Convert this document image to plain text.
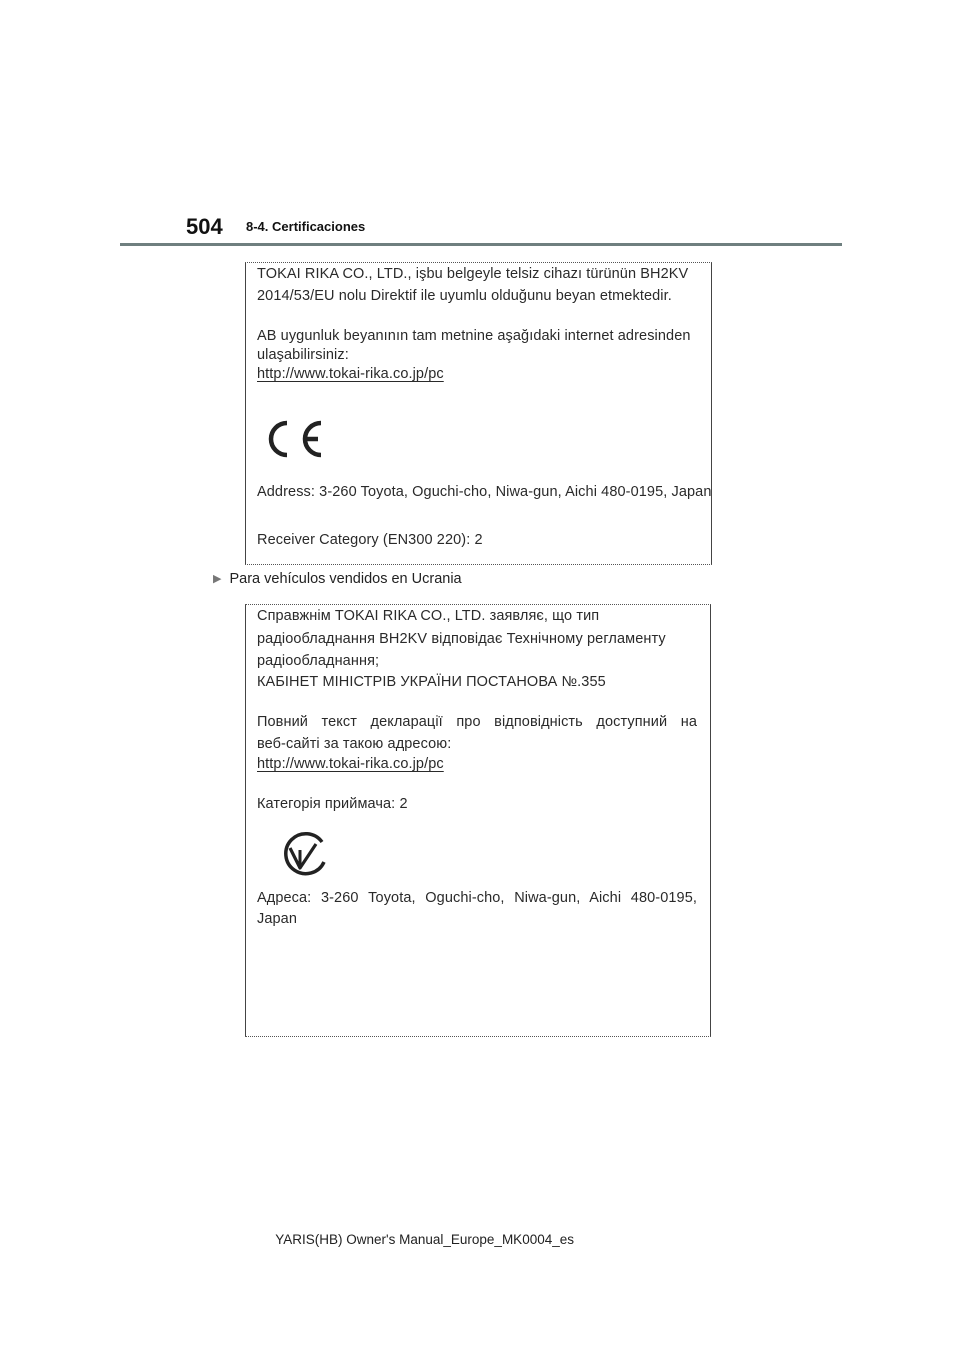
504 8-4. Certificaciones
TOKAI RIKA CO., LTD., işbu belgeyle telsiz cihazı türünün BH2KV
2014/53/EU nolu Direktif ile uyumlu olduğunu beyan etmektedir.
AB uygunluk beyanının tam metnine aşağıdaki internet adresinden
ulaşabilirsiniz:
http://www.tokai-rika.co.jp/pc
Address: 3-260 Toyota, Oguchi-cho, Niwa-gun, Aichi 480-0195, Japan
Receiver Category (EN300 220): 2
▶ Para vehículos vendidos en Ucrania
Справжнім TOKAI RIKA CO., LTD. заявляє, що тип
радіообладнання BH2KV відповідає Технічному регламенту
радіообладнання;
КАБІНЕТ МІНІСТРІВ УКРАЇНИ ПОСТАНОВА №.355
Повний текст декларації про відповідність доступний на
веб-сайті за такою адресою:
http://www.tokai-rika.co.jp/pc
Категорія приймача: 2
Адреса: 3-260 Toyota, Oguchi-cho, Niwa-gun, Aichi 480-0195,
Japan
YARIS(HB) Owner's Manual_Europe_MK0004_es
